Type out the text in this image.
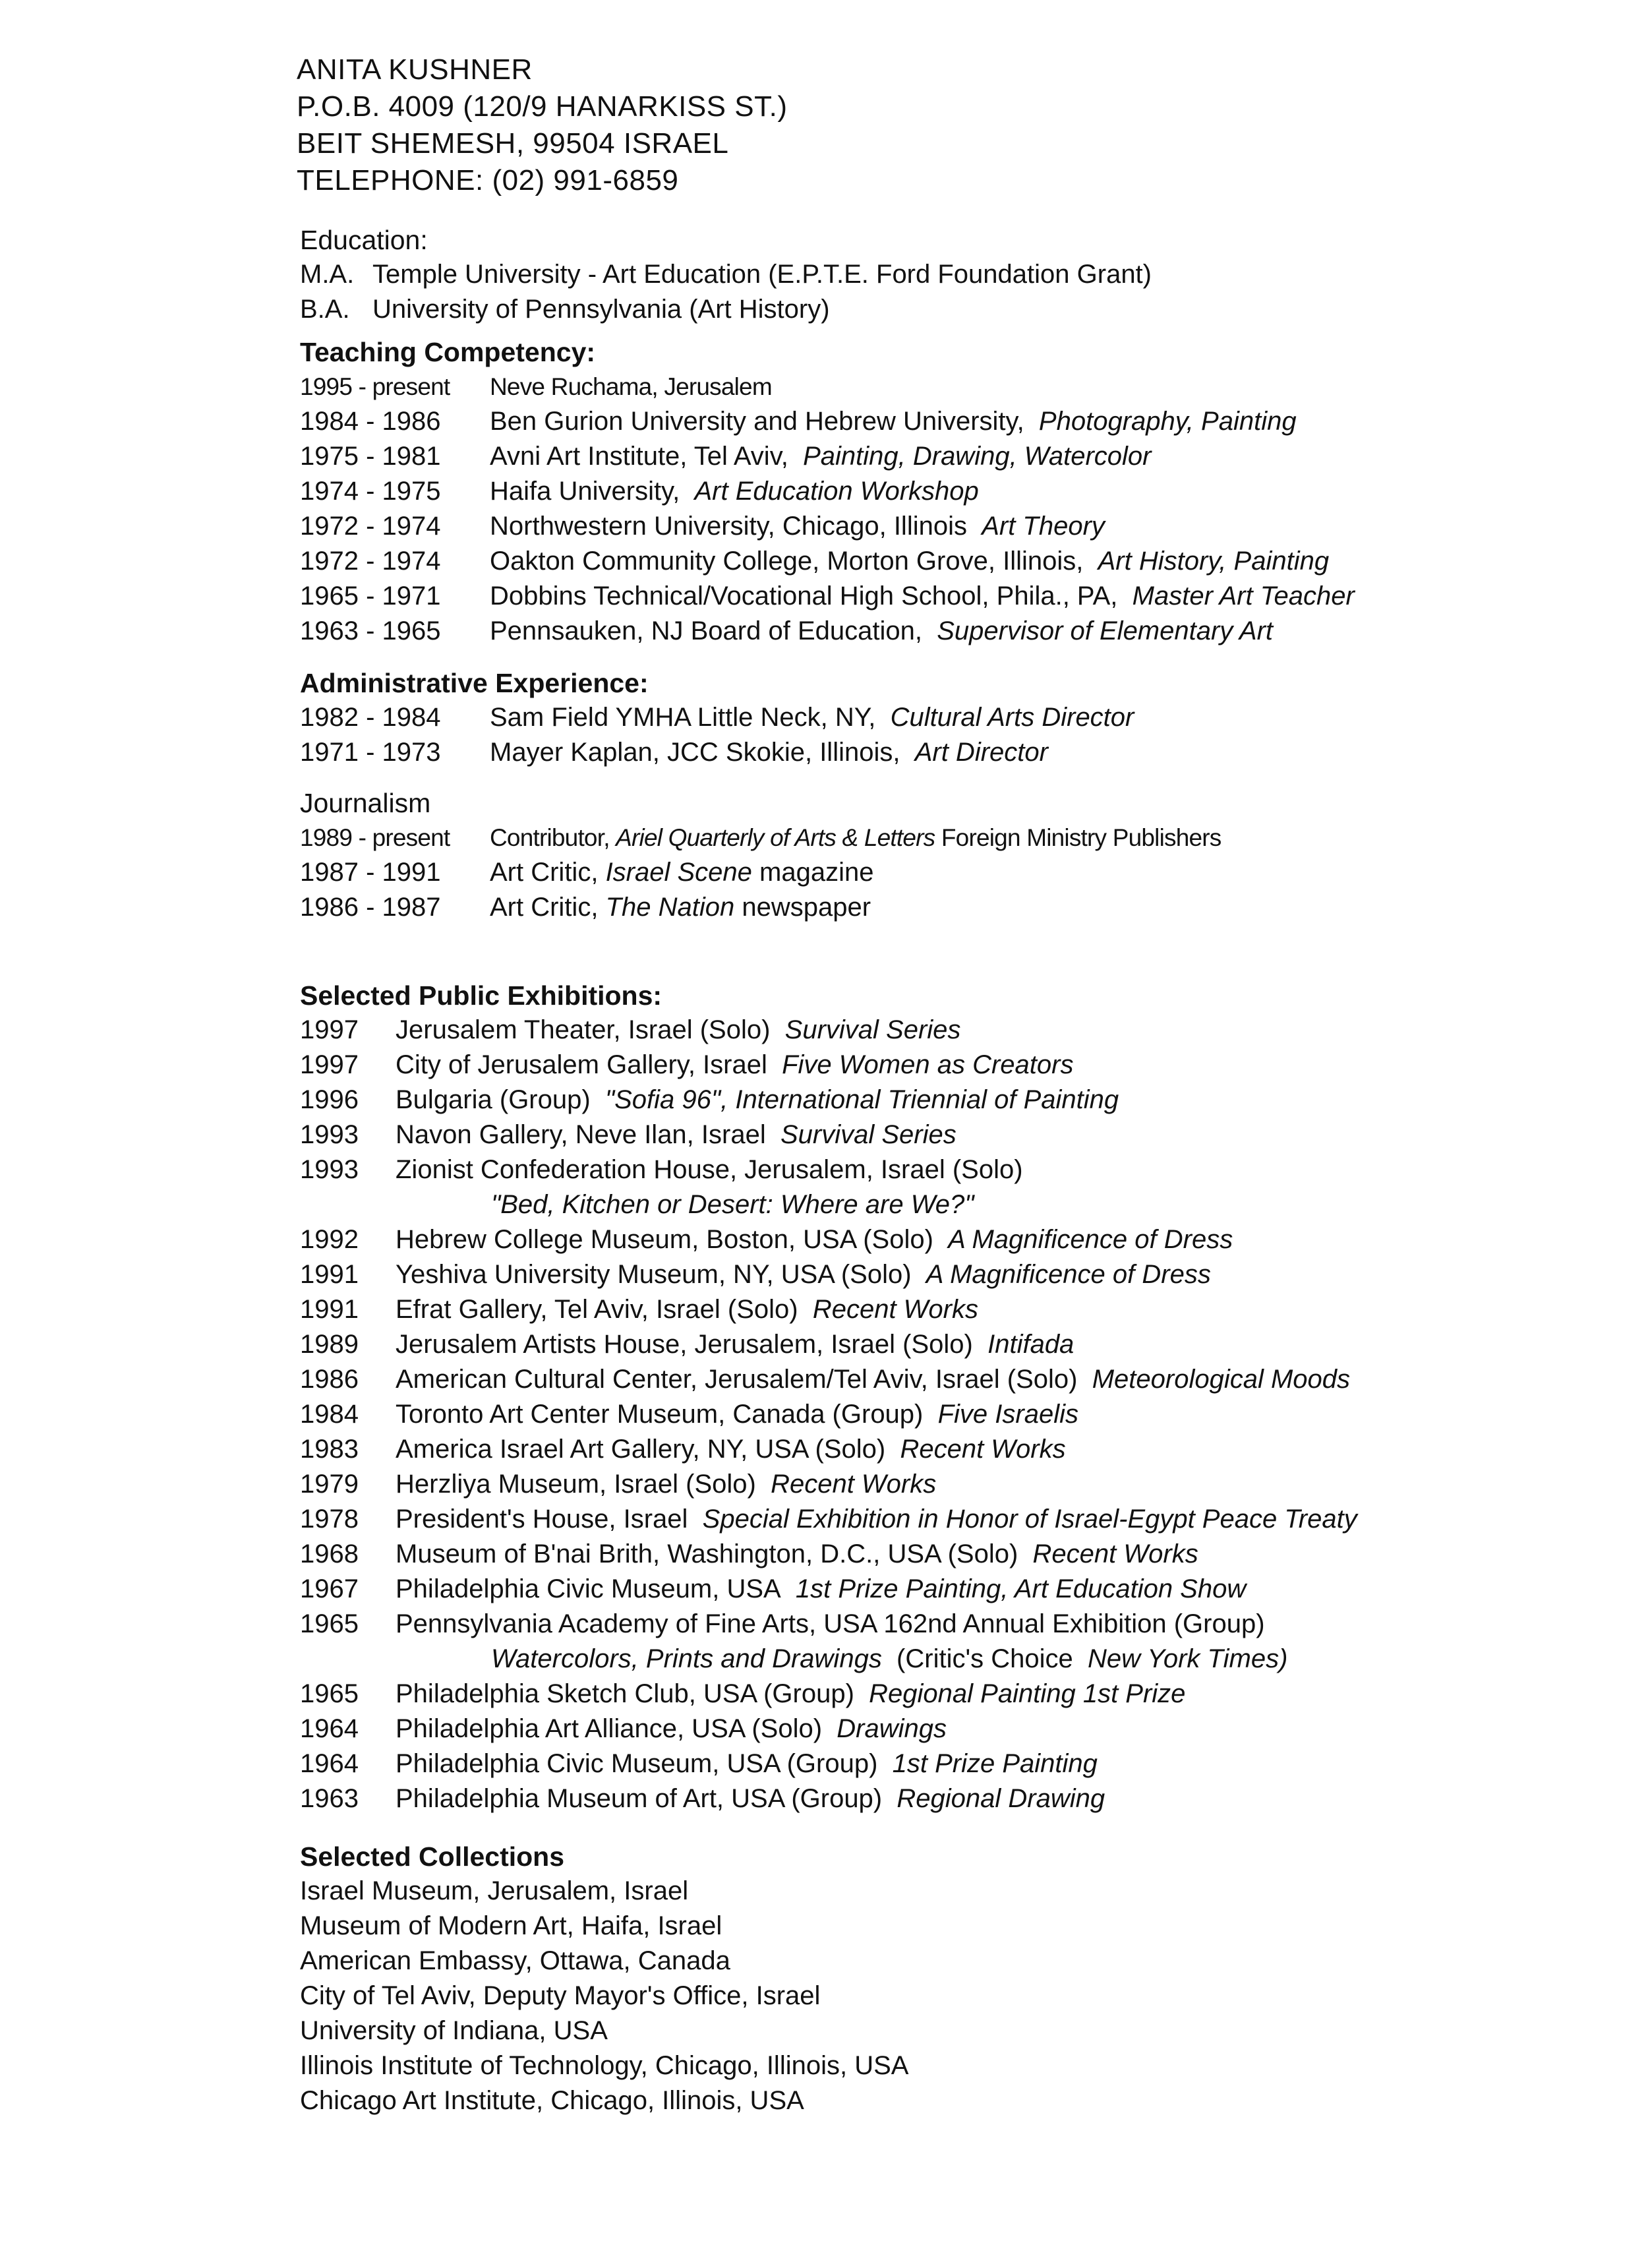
ANITA KUSHNER
P.O.B. 4009 (120/9 HANARKISS ST.)
BEIT SHEMESH, 99504 ISRAEL
TELEPHONE: (02) 991-6859
Education:
M.A. Temple University - Art Education (E.P.T.E. Ford Foundation Grant)
B.A. University of Pennsylvania (Art History)
Teaching Competency:
1995 - present	Neve Ruchama, Jerusalem
1984 - 1986	Ben Gurion University and Hebrew University, Photography, Painting
1975 - 1981	Avni Art Institute, Tel Aviv, Painting, Drawing, Watercolor
1974 - 1975	Haifa University, Art Education Workshop
1972 - 1974	Northwestern University, Chicago, Illinois Art Theory
1972 - 1974	Oakton Community College, Morton Grove, Illinois, Art History, Painting
1965 - 1971	Dobbins Technical/Vocational High School, Phila., PA, Master Art Teacher
1963 - 1965	Pennsauken, NJ Board of Education, Supervisor of Elementary Art
Administrative Experience:
1982 - 1984	Sam Field YMHA Little Neck, NY, Cultural Arts Director
1971 - 1973	Mayer Kaplan, JCC Skokie, Illinois, Art Director
Journalism
1989 - present	Contributor, Ariel Quarterly of Arts & Letters Foreign Ministry Publishers
1987 - 1991	Art Critic, Israel Scene magazine
1986 - 1987	Art Critic, The Nation newspaper
Selected Public Exhibitions:
1997	Jerusalem Theater, Israel (Solo) Survival Series
1997	City of Jerusalem Gallery, Israel Five Women as Creators
1996	Bulgaria (Group) "Sofia 96", International Triennial of Painting
1993	Navon Gallery, Neve Ilan, Israel Survival Series
1993	Zionist Confederation House, Jerusalem, Israel (Solo)
"Bed, Kitchen or Desert: Where are We?"
1992	Hebrew College Museum, Boston, USA (Solo) A Magnificence of Dress
1991	Yeshiva University Museum, NY, USA (Solo) A Magnificence of Dress
1991	Efrat Gallery, Tel Aviv, Israel (Solo) Recent Works
1989	Jerusalem Artists House, Jerusalem, Israel (Solo) Intifada
1986	American Cultural Center, Jerusalem/Tel Aviv, Israel (Solo) Meteorological Moods
1984	Toronto Art Center Museum, Canada (Group) Five Israelis
1983	America Israel Art Gallery, NY, USA (Solo) Recent Works
1979	Herzliya Museum, Israel (Solo) Recent Works
1978	President's House, Israel Special Exhibition in Honor of Israel-Egypt Peace Treaty
1968	Museum of B'nai Brith, Washington, D.C., USA (Solo) Recent Works
1967	Philadelphia Civic Museum, USA 1st Prize Painting, Art Education Show
1965	Pennsylvania Academy of Fine Arts, USA 162nd Annual Exhibition (Group)
Watercolors, Prints and Drawings (Critic's Choice New York Times)
1965	Philadelphia Sketch Club, USA (Group) Regional Painting 1st Prize
1964	Philadelphia Art Alliance, USA (Solo) Drawings
1964	Philadelphia Civic Museum, USA (Group) 1st Prize Painting
1963	Philadelphia Museum of Art, USA (Group) Regional Drawing
Selected Collections
Israel Museum, Jerusalem, Israel
Museum of Modern Art, Haifa, Israel
American Embassy, Ottawa, Canada
City of Tel Aviv, Deputy Mayor's Office, Israel
University of Indiana, USA
Illinois Institute of Technology, Chicago, Illinois, USA
Chicago Art Institute, Chicago, Illinois, USA
